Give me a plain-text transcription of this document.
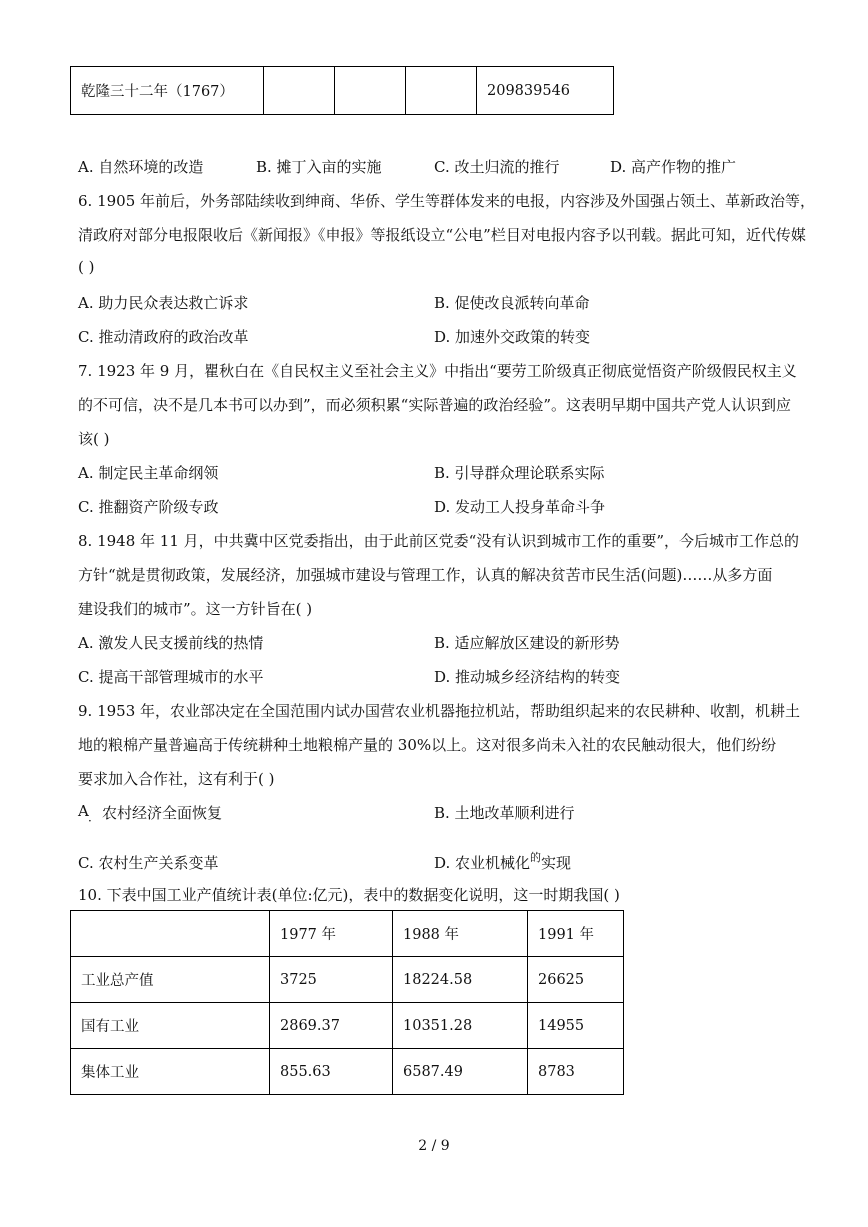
乾隆三十二年（1767）				209839546
A. 自然环境的改造	B. 摊丁入亩的实施	C. 改土归流的推行	D. 高产作物的推广
6. 1905 年前后，外务部陆续收到绅商、华侨、学生等群体发来的电报，内容涉及外国强占领土、革新政治等，
清政府对部分电报限收后《新闻报》《申报》等报纸设立“公电”栏目对电报内容予以刊载。据此可知，近代传媒
( )
A. 助力民众表达救亡诉求	B. 促使改良派转向革命
C. 推动清政府的政治改革	D. 加速外交政策的转变
7. 1923 年 9 月，瞿秋白在《自民权主义至社会主义》中指出“要劳工阶级真正彻底觉悟资产阶级假民权主义
的不可信，决不是几本书可以办到”，而必须积累“实际普遍的政治经验”。这表明早期中国共产党人认识到应
该( )
A. 制定民主革命纲领	B. 引导群众理论联系实际
C. 推翻资产阶级专政	D. 发动工人投身革命斗争
8. 1948 年 11 月，中共冀中区党委指出，由于此前区党委“没有认识到城市工作的重要”，今后城市工作总的
方针“就是贯彻政策，发展经济，加强城市建设与管理工作，认真的解决贫苦市民生活(问题)……从多方面
建设我们的城市”。这一方针旨在( )
A. 激发人民支援前线的热情	B. 适应解放区建设的新形势
C. 提高干部管理城市的水平	D. 推动城乡经济结构的转变
9. 1953 年，农业部决定在全国范围内试办国营农业机器拖拉机站，帮助组织起来的农民耕种、收割，机耕土
地的粮棉产量普遍高于传统耕种土地粮棉产量的 30%以上。这对很多尚未入社的农民触动很大，他们纷纷
要求加入合作社，这有利于( )
A
· 农村经济全面恢复	B. 土地改革顺利进行
C. 农村生产关系变革	D. 农业机械化$^的$实现
10. 下表中国工业产值统计表(单位:亿元)，表中的数据变化说明，这一时期我国( )
	1977 年	1988 年	1991 年
工业总产值	3725	18224.58	26625
国有工业	2869.37	10351.28	14955
集体工业	855.63	6587.49	8783
2 / 9
